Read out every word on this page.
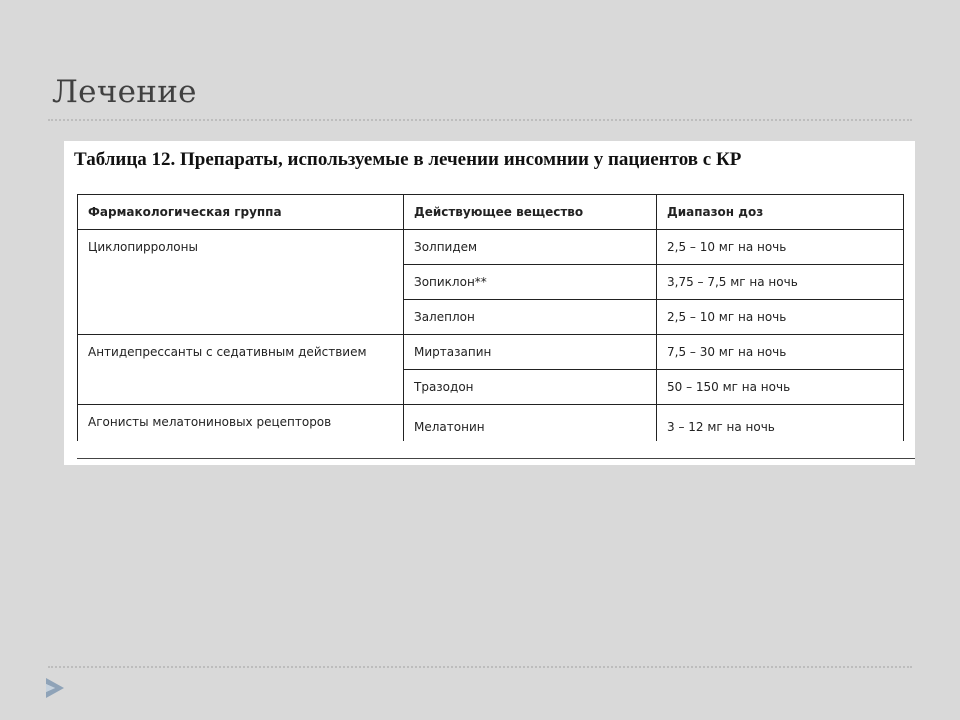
Лечение
Таблица 12. Препараты, используемые в лечении инсомнии у пациентов с КР
Фармакологическая группа	Действующее вещество	Диапазон доз
Циклопирролоны	Золпидем	2,5 – 10 мг на ночь
	Зопиклон**	3,75 – 7,5 мг на ночь
	Залеплон	2,5 – 10 мг на ночь
Антидепрессанты с седативным действием	Миртазапин	7,5 – 30 мг на ночь
	Тразодон	50 – 150 мг на ночь
Агонисты мелатониновых рецепторов	Мелатонин	3 – 12 мг на ночь
